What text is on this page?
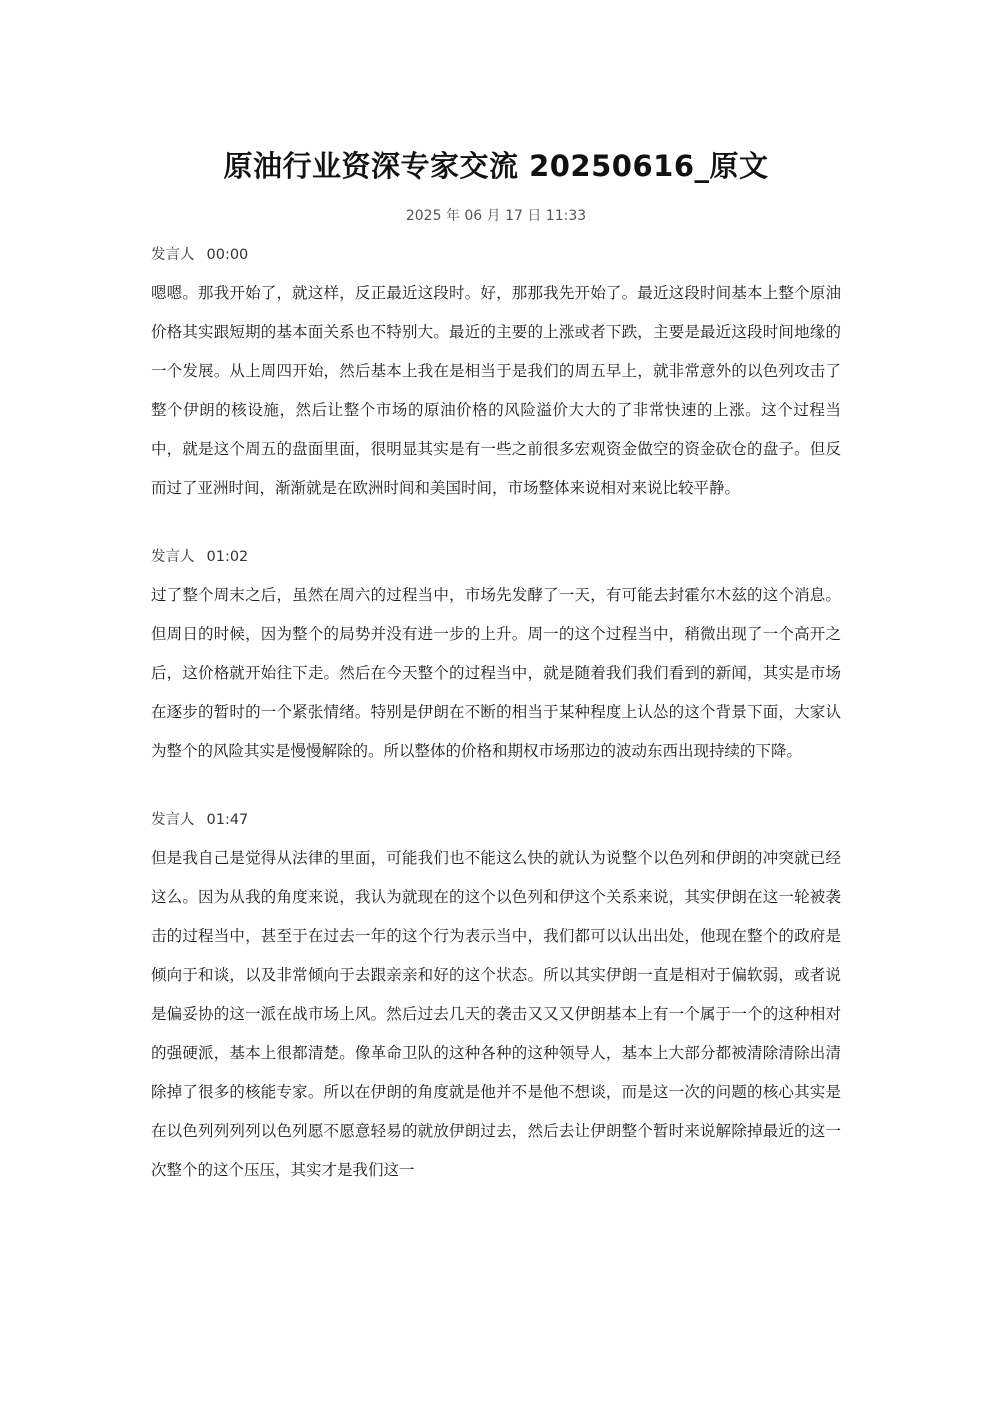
原油行业资深专家交流 20250616_原文
2025 年 06 月 17 日 11:33
发言人 00:00

嗯嗯。那我开始了，就这样，反正最近这段时。好，那那我先开始了。最近这段时间基本上整个原油价格其实跟短期的基本面关系也不特别大。最近的主要的上涨或者下跌，主要是最近这段时间地缘的一个发展。从上周四开始，然后基本上我在是相当于是我们的周五早上，就非常意外的以色列攻击了整个伊朗的核设施，然后让整个市场的原油价格的风险溢价大大的了非常快速的上涨。这个过程当中，就是这个周五的盘面里面，很明显其实是有一些之前很多宏观资金做空的资金砍仓的盘子。但反而过了亚洲时间，渐渐就是在欧洲时间和美国时间，市场整体来说相对来说比较平静。

发言人 01:02

过了整个周末之后，虽然在周六的过程当中，市场先发酵了一天，有可能去封霍尔木兹的这个消息。但周日的时候，因为整个的局势并没有进一步的上升。周一的这个过程当中，稍微出现了一个高开之后，这价格就开始往下走。然后在今天整个的过程当中，就是随着我们我们看到的新闻，其实是市场在逐步的暂时的一个紧张情绪。特别是伊朗在不断的相当于某种程度上认怂的这个背景下面，大家认为整个的风险其实是慢慢解除的。所以整体的价格和期权市场那边的波动东西出现持续的下降。

发言人 01:47

但是我自己是觉得从法律的里面，可能我们也不能这么快的就认为说整个以色列和伊朗的冲突就已经这么。因为从我的角度来说，我认为就现在的这个以色列和伊这个关系来说，其实伊朗在这一轮被袭击的过程当中，甚至于在过去一年的这个行为表示当中，我们都可以认出出处，他现在整个的政府是倾向于和谈，以及非常倾向于去跟亲亲和好的这个状态。所以其实伊朗一直是相对于偏软弱，或者说是偏妥协的这一派在战市场上风。然后过去几天的袭击又又又伊朗基本上有一个属于一个的这种相对的强硬派，基本上很都清楚。像革命卫队的这种各种的这种领导人，基本上大部分都被清除清除出清除掉了很多的核能专家。所以在伊朗的角度就是他并不是他不想谈，而是这一次的问题的核心其实是在以色列列列列以色列愿不愿意轻易的就放伊朗过去，然后去让伊朗整个暂时来说解除掉最近的这一次整个的这个压压，其实才是我们这一
